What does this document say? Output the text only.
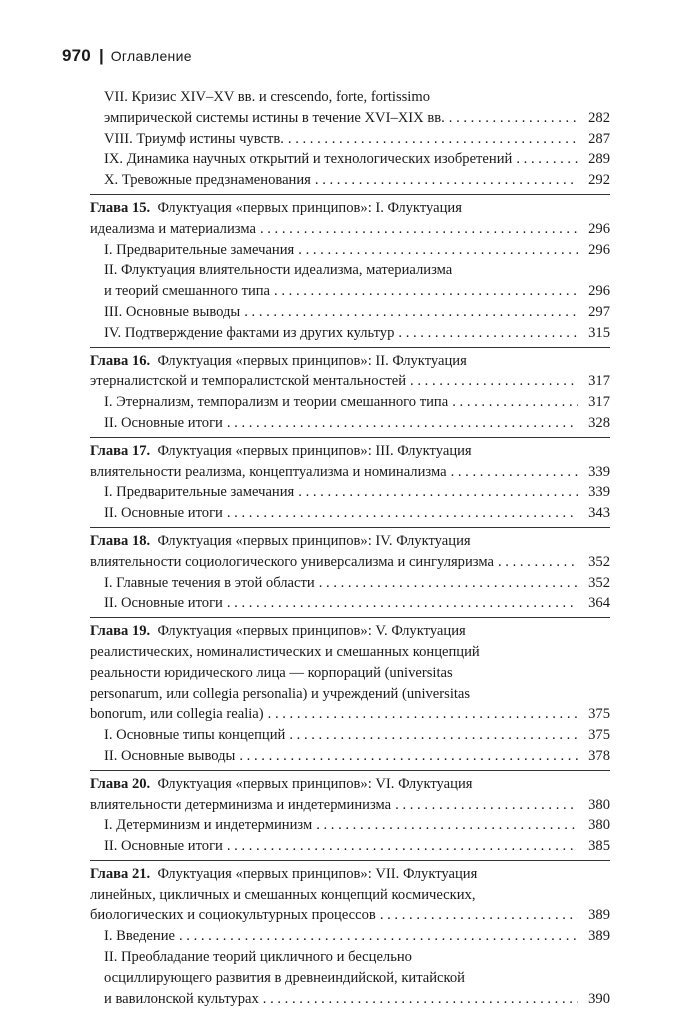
970 | Оглавление
VII. Кризис XIV–XV вв. и crescendo, forte, fortissimo
эмпирической системы истины в течение XVI–XIX вв. . . .	282
VIII. Триумф истины чувств. . . .	287
IX. Динамика научных открытий и технологических изобретений . . .	289
X. Тревожные предзнаменования . . .	292
Глава 15. Флуктуация «первых принципов»: I. Флуктуация
идеализма и материализма . . .	296
I. Предварительные замечания . . .	296
II. Флуктуация влиятельности идеализма, материализма
и теорий смешанного типа . . .	296
III. Основные выводы . . .	297
IV. Подтверждение фактами из других культур . . .	315
Глава 16. Флуктуация «первых принципов»: II. Флуктуация
этерналистской и темпоралистской ментальностей . . .	317
I. Этернализм, темпорализм и теории смешанного типа . . .	317
II. Основные итоги . . .	328
Глава 17. Флуктуация «первых принципов»: III. Флуктуация
влиятельности реализма, концептуализма и номинализма . . .	339
I. Предварительные замечания . . .	339
II. Основные итоги . . .	343
Глава 18. Флуктуация «первых принципов»: IV. Флуктуация
влиятельности социологического универсализма и сингуляризма . . .	352
I. Главные течения в этой области . . .	352
II. Основные итоги . . .	364
Глава 19. Флуктуация «первых принципов»: V. Флуктуация
реалистических, номиналистических и смешанных концепций
реальности юридического лица — корпораций (universitas
personarum, или collegia personalia) и учреждений (universitas
bonorum, или collegia realia) . . .	375
I. Основные типы концепций . . .	375
II. Основные выводы . . .	378
Глава 20. Флуктуация «первых принципов»: VI. Флуктуация
влиятельности детерминизма и индетерминизма . . .	380
I. Детерминизм и индетерминизм . . .	380
II. Основные итоги . . .	385
Глава 21. Флуктуация «первых принципов»: VII. Флуктуация
линейных, цикличных и смешанных концепций космических,
биологических и социокультурных процессов . . .	389
I. Введение . . .	389
II. Преобладание теорий цикличного и бесцельно
осциллирующего развития в древнеиндийской, китайской
и вавилонской культурах . . .	390
